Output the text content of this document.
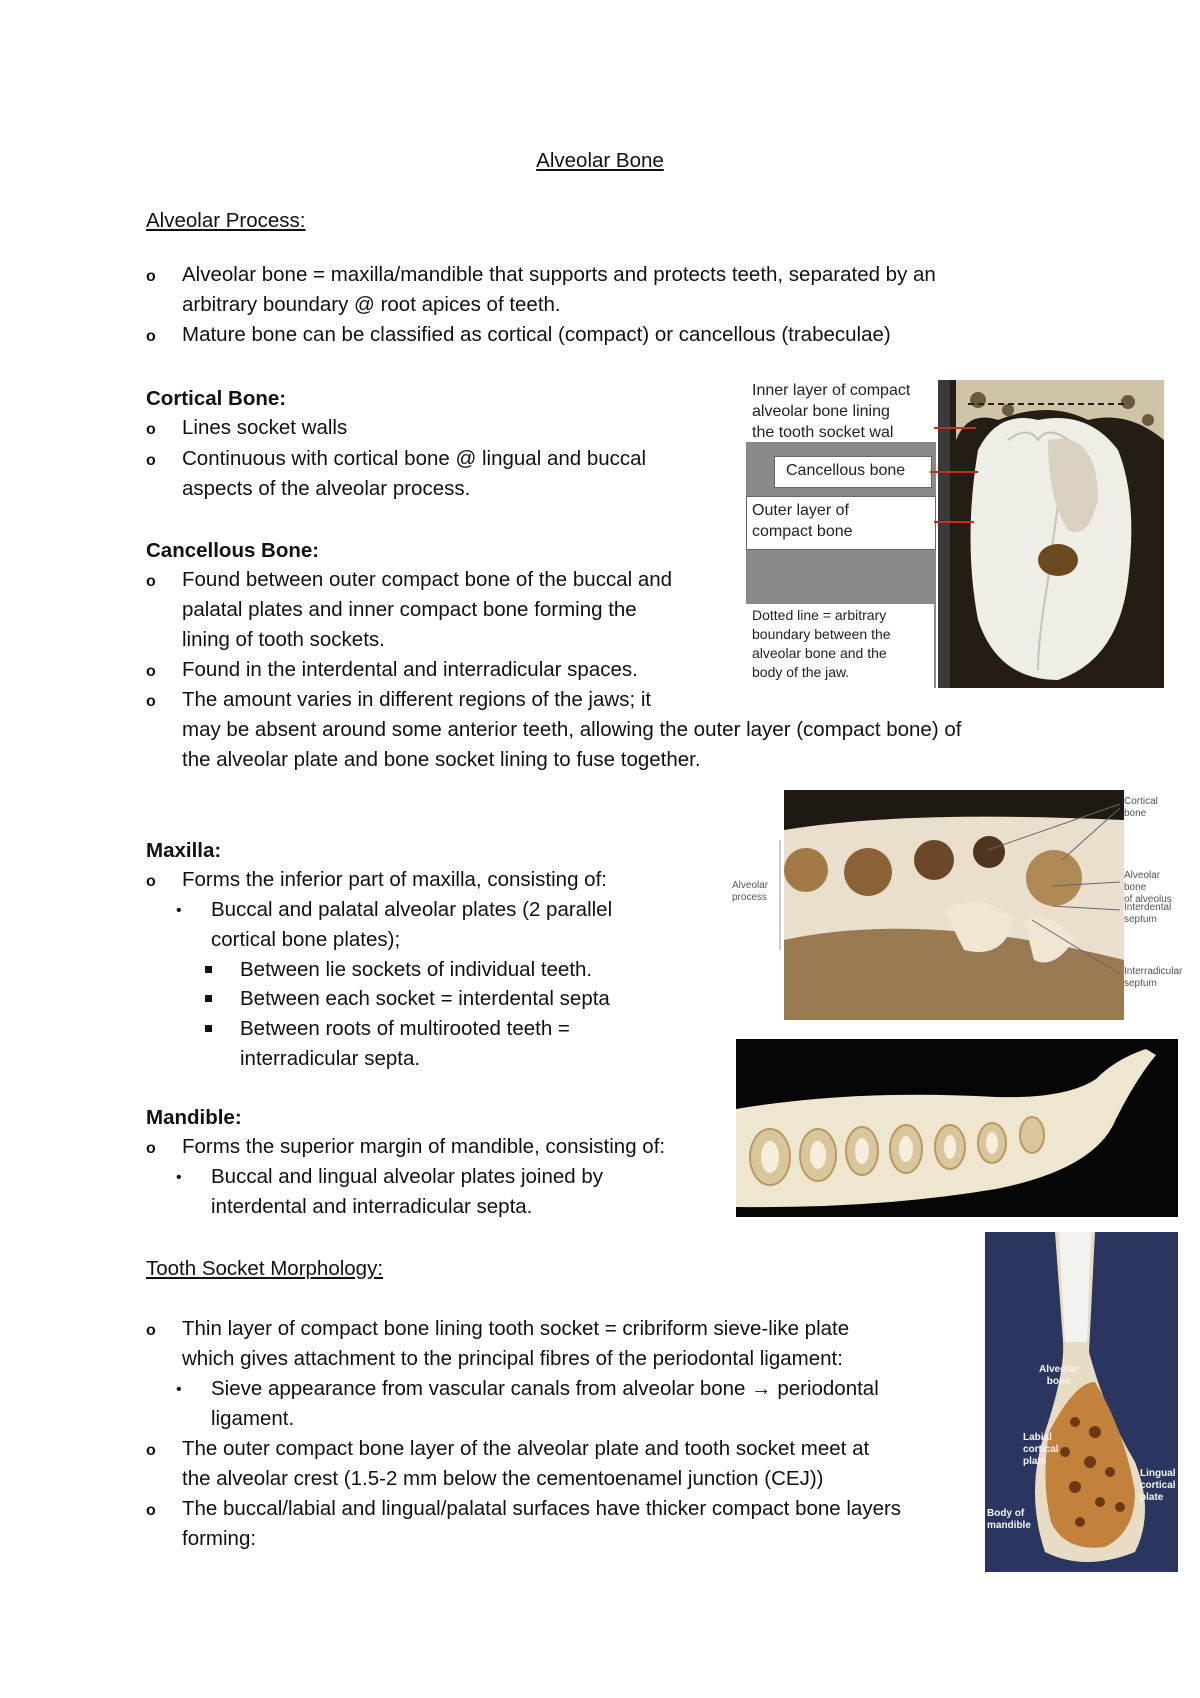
Alveolar Bone
Alveolar Process:
o Alveolar bone = maxilla/mandible that supports and protects teeth, separated by an
arbitrary boundary @ root apices of teeth.
o Mature bone can be classified as cortical (compact) or cancellous (trabeculae)
Cortical Bone:
o Lines socket walls
o Continuous with cortical bone @ lingual and buccal
aspects of the alveolar process.
Cancellous Bone:
o Found between outer compact bone of the buccal and
palatal plates and inner compact bone forming the
lining of tooth sockets.
o Found in the interdental and interradicular spaces.
o The amount varies in different regions of the jaws; it
may be absent around some anterior teeth, allowing the outer layer (compact bone) of
the alveolar plate and bone socket lining to fuse together.
Maxilla:
o Forms the inferior part of maxilla, consisting of:
• Buccal and palatal alveolar plates (2 parallel
cortical bone plates);
Between lie sockets of individual teeth.
Between each socket = interdental septa
Between roots of multirooted teeth =
interradicular septa.
Mandible:
o Forms the superior margin of mandible, consisting of:
• Buccal and lingual alveolar plates joined by
interdental and interradicular septa.
Tooth Socket Morphology:
o Thin layer of compact bone lining tooth socket = cribriform sieve-like plate
which gives attachment to the principal fibres of the periodontal ligament:
• Sieve appearance from vascular canals from alveolar bone → periodontal
ligament.
o The outer compact bone layer of the alveolar plate and tooth socket meet at
the alveolar crest (1.5-2 mm below the cementoenamel junction (CEJ))
o The buccal/labial and lingual/palatal surfaces have thicker compact bone layers
forming:
Inner layer of compact
alveolar bone lining
the tooth socket wal
Cancellous bone
Outer layer of
compact bone
Dotted line = arbitrary
boundary between the
alveolar bone and the
body of the jaw.
Alveolar
process
Cortical
bone
Alveolar bone
of alveolus
Interdental
septum
Interradicular
septum
Alveolar
bone
Labial
cortical
plate
Lingual
cortical
plate
Body of
mandible
